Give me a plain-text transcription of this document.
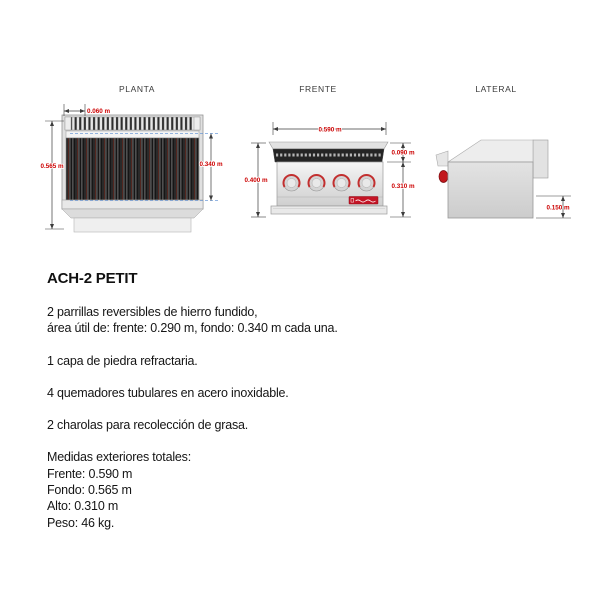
PLANTA	FRENTE	LATERAL
0.060 m
0.565 m	0.340 m
0.590 m
0.400 m
0.090 m
0.310 m
0.150 m
ACH-2 PETIT
2 parrillas reversibles de hierro fundido,
área útil de: frente: 0.290 m, fondo: 0.340 m cada una.
1 capa de piedra refractaria.
4 quemadores tubulares en acero inoxidable.
2 charolas para recolección de grasa.
Medidas exteriores totales:
Frente: 0.590 m
Fondo: 0.565 m
Alto: 0.310 m
Peso: 46 kg.
